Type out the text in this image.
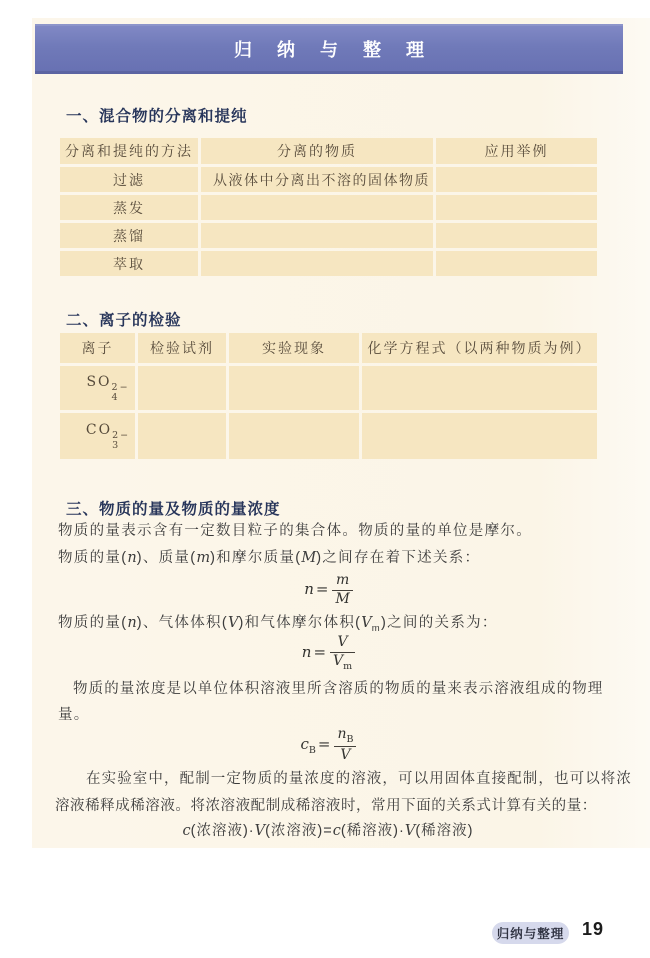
归 纳 与 整 理
一、混合物的分离和提纯
分离和提纯的方法	分离的物质	应用举例
过滤	从液体中分离出不溶的固体物质	
蒸发		
蒸馏		
萃取		
二、离子的检验
离子	检验试剂	实验现象	化学方程式（以两种物质为例）
SO 2−
4			

CO 2−
3			

三、物质的量及物质的量浓度
物质的量表示含有一定数目粒子的集合体。物质的量的单位是摩尔。
物质的量(n)、质量(m)和摩尔质量(M)之间存在着下述关系：
$n = \frac{m}{M}$
物质的量(n)、气体体积(V)和气体摩尔体积$(V_m)$之间的关系为：
$n = \frac{V}{V_m}$
物质的量浓度是以单位体积溶液里所含溶质的物质的量来表示溶液组成的物理
量。
$c_B = \frac{n_B}{V}$
在实验室中，配制一定物质的量浓度的溶液，可以用固体直接配制，也可以将浓
溶液稀释成稀溶液。将浓溶液配制成稀溶液时，常用下面的关系式计算有关的量：
c(浓溶液)·V(浓溶液)=c(稀溶液)·V(稀溶液)
归纳与整理 19
